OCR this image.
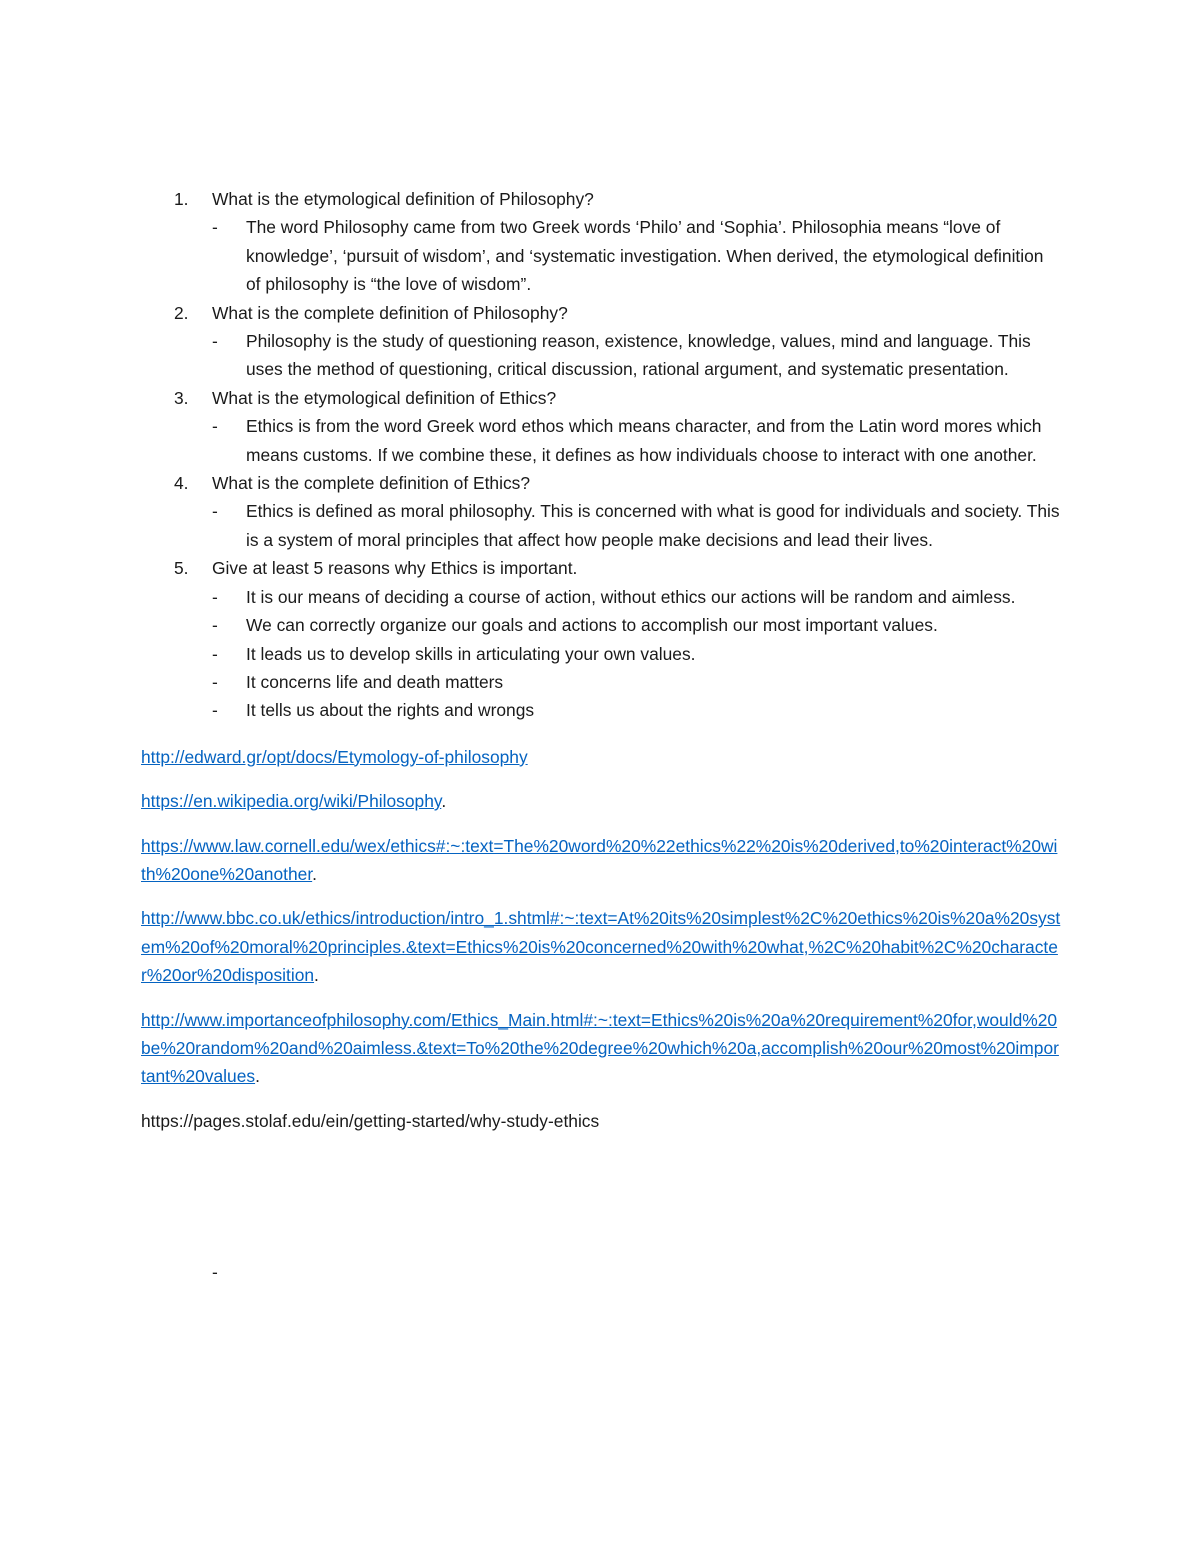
1. What is the etymological definition of Philosophy?
- The word Philosophy came from two Greek words ‘Philo’ and ‘Sophia’. Philosophia means “love of knowledge’, ‘pursuit of wisdom’, and ‘systematic investigation. When derived, the etymological definition of philosophy is “the love of wisdom”.
2. What is the complete definition of Philosophy?
- Philosophy is the study of questioning reason, existence, knowledge, values, mind and language. This uses the method of questioning, critical discussion, rational argument, and systematic presentation.
3. What is the etymological definition of Ethics?
- Ethics is from the word Greek word ethos which means character, and from the Latin word mores which means customs. If we combine these, it defines as how individuals choose to interact with one another.
4. What is the complete definition of Ethics?
- Ethics is defined as moral philosophy. This is concerned with what is good for individuals and society. This is a system of moral principles that affect how people make decisions and lead their lives.
5. Give at least 5 reasons why Ethics is important.
- It is our means of deciding a course of action, without ethics our actions will be random and aimless.
- We can correctly organize our goals and actions to accomplish our most important values.
- It leads us to develop skills in articulating your own values.
- It concerns life and death matters
- It tells us about the rights and wrongs

http://edward.gr/opt/docs/Etymology-of-philosophy

https://en.wikipedia.org/wiki/Philosophy.

https://www.law.cornell.edu/wex/ethics#:~:text=The%20word%20%22ethics%22%20is%20derived,to%20interact%20with%20one%20another.

http://www.bbc.co.uk/ethics/introduction/intro_1.shtml#:~:text=At%20its%20simplest%2C%20ethics%20is%20a%20system%20of%20moral%20principles.&text=Ethics%20is%20concerned%20with%20what,%2C%20habit%2C%20character%20or%20disposition.

http://www.importanceofphilosophy.com/Ethics_Main.html#:~:text=Ethics%20is%20a%20requirement%20for,would%20be%20random%20and%20aimless.&text=To%20the%20degree%20which%20a,accomplish%20our%20most%20important%20values.

https://pages.stolaf.edu/ein/getting-started/why-study-ethics

-
